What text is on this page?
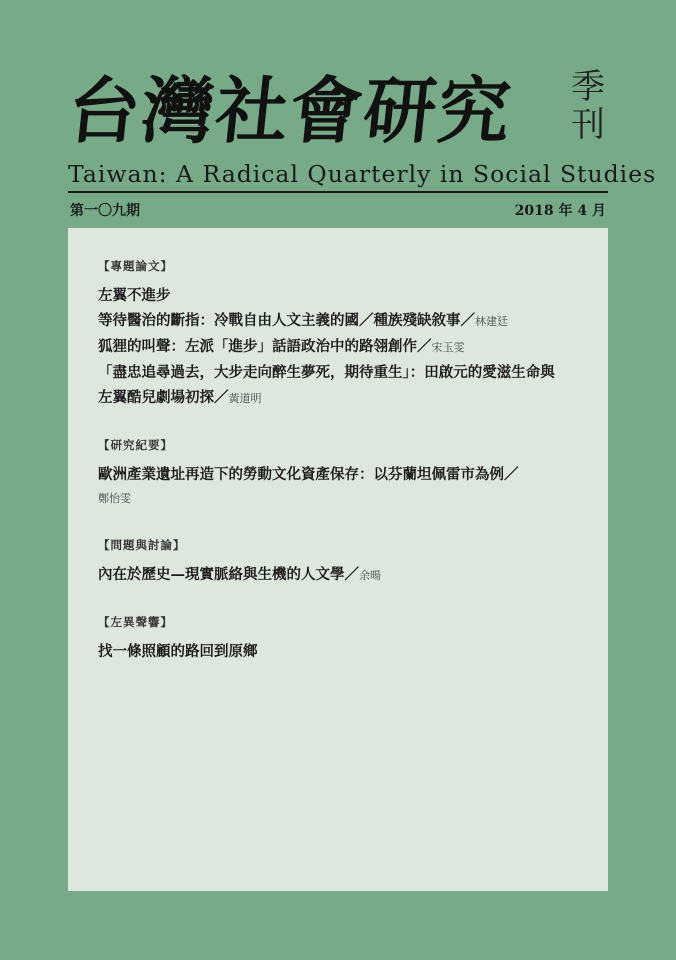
台灣社會研究 季刊
Taiwan: A Radical Quarterly in Social Studies
第一〇九期	2018 年 4 月
【專題論文】
左翼不進步
等待醫治的斷指：冷戰自由人文主義的國／種族殘缺敘事／林建廷
狐狸的叫聲：左派「進步」話語政治中的路翎創作／宋玉雯
「盡忠追尋過去，大步走向醉生夢死，期待重生」：田啟元的愛滋生命與
左翼酷兒劇場初探／黃道明
【研究紀要】
歐洲產業遺址再造下的勞動文化資產保存：以芬蘭坦佩雷市為例／
鄭怡雯
【問題與討論】
內在於歷史—現實脈絡與生機的人文學／余暘
【左異聲響】
找一條照顧的路回到原鄉
